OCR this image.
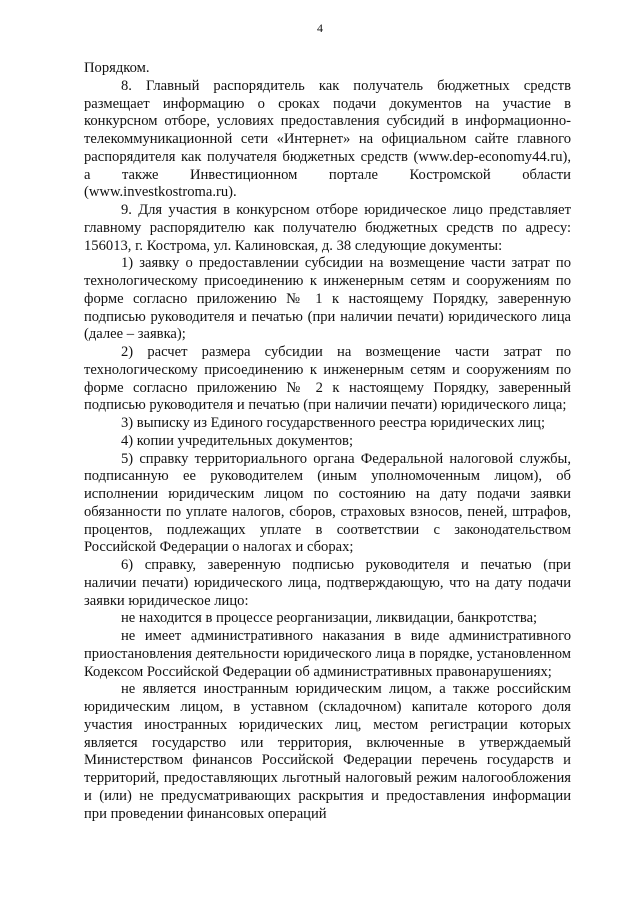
4

Порядком.

8. Главный распорядитель как получатель бюджетных средств размещает информацию о сроках подачи документов на участие в конкурсном отборе, условиях предоставления субсидий в информационно-телекоммуникационной сети «Интернет» на официальном сайте главного распорядителя как получателя бюджетных средств (www.dep-economy44.ru), а также Инвестиционном портале Костромской области (www.investkostroma.ru).

9. Для участия в конкурсном отборе юридическое лицо представляет главному распорядителю как получателю бюджетных средств по адресу: 156013, г. Кострома, ул. Калиновская, д. 38 следующие документы:

1) заявку о предоставлении субсидии на возмещение части затрат по технологическому присоединению к инженерным сетям и сооружениям по форме согласно приложению № 1 к настоящему Порядку, заверенную подписью руководителя и печатью (при наличии печати) юридического лица (далее – заявка);

2) расчет размера субсидии на возмещение части затрат по технологическому присоединению к инженерным сетям и сооружениям по форме согласно приложению № 2 к настоящему Порядку, заверенный подписью руководителя и печатью (при наличии печати) юридического лица;

3) выписку из Единого государственного реестра юридических лиц;

4) копии учредительных документов;

5) справку территориального органа Федеральной налоговой службы, подписанную ее руководителем (иным уполномоченным лицом), об исполнении юридическим лицом по состоянию на дату подачи заявки обязанности по уплате налогов, сборов, страховых взносов, пеней, штрафов, процентов, подлежащих уплате в соответствии с законодательством Российской Федерации о налогах и сборах;

6) справку, заверенную подписью руководителя и печатью (при наличии печати) юридического лица, подтверждающую, что на дату подачи заявки юридическое лицо:

не находится в процессе реорганизации, ликвидации, банкротства;

не имеет административного наказания в виде административного приостановления деятельности юридического лица в порядке, установленном Кодексом Российской Федерации об административных правонарушениях;

не является иностранным юридическим лицом, а также российским юридическим лицом, в уставном (складочном) капитале которого доля участия иностранных юридических лиц, местом регистрации которых является государство или территория, включенные в утверждаемый Министерством финансов Российской Федерации перечень государств и территорий, предоставляющих льготный налоговый режим налогообложения и (или) не предусматривающих раскрытия и предоставления информации при проведении финансовых операций
